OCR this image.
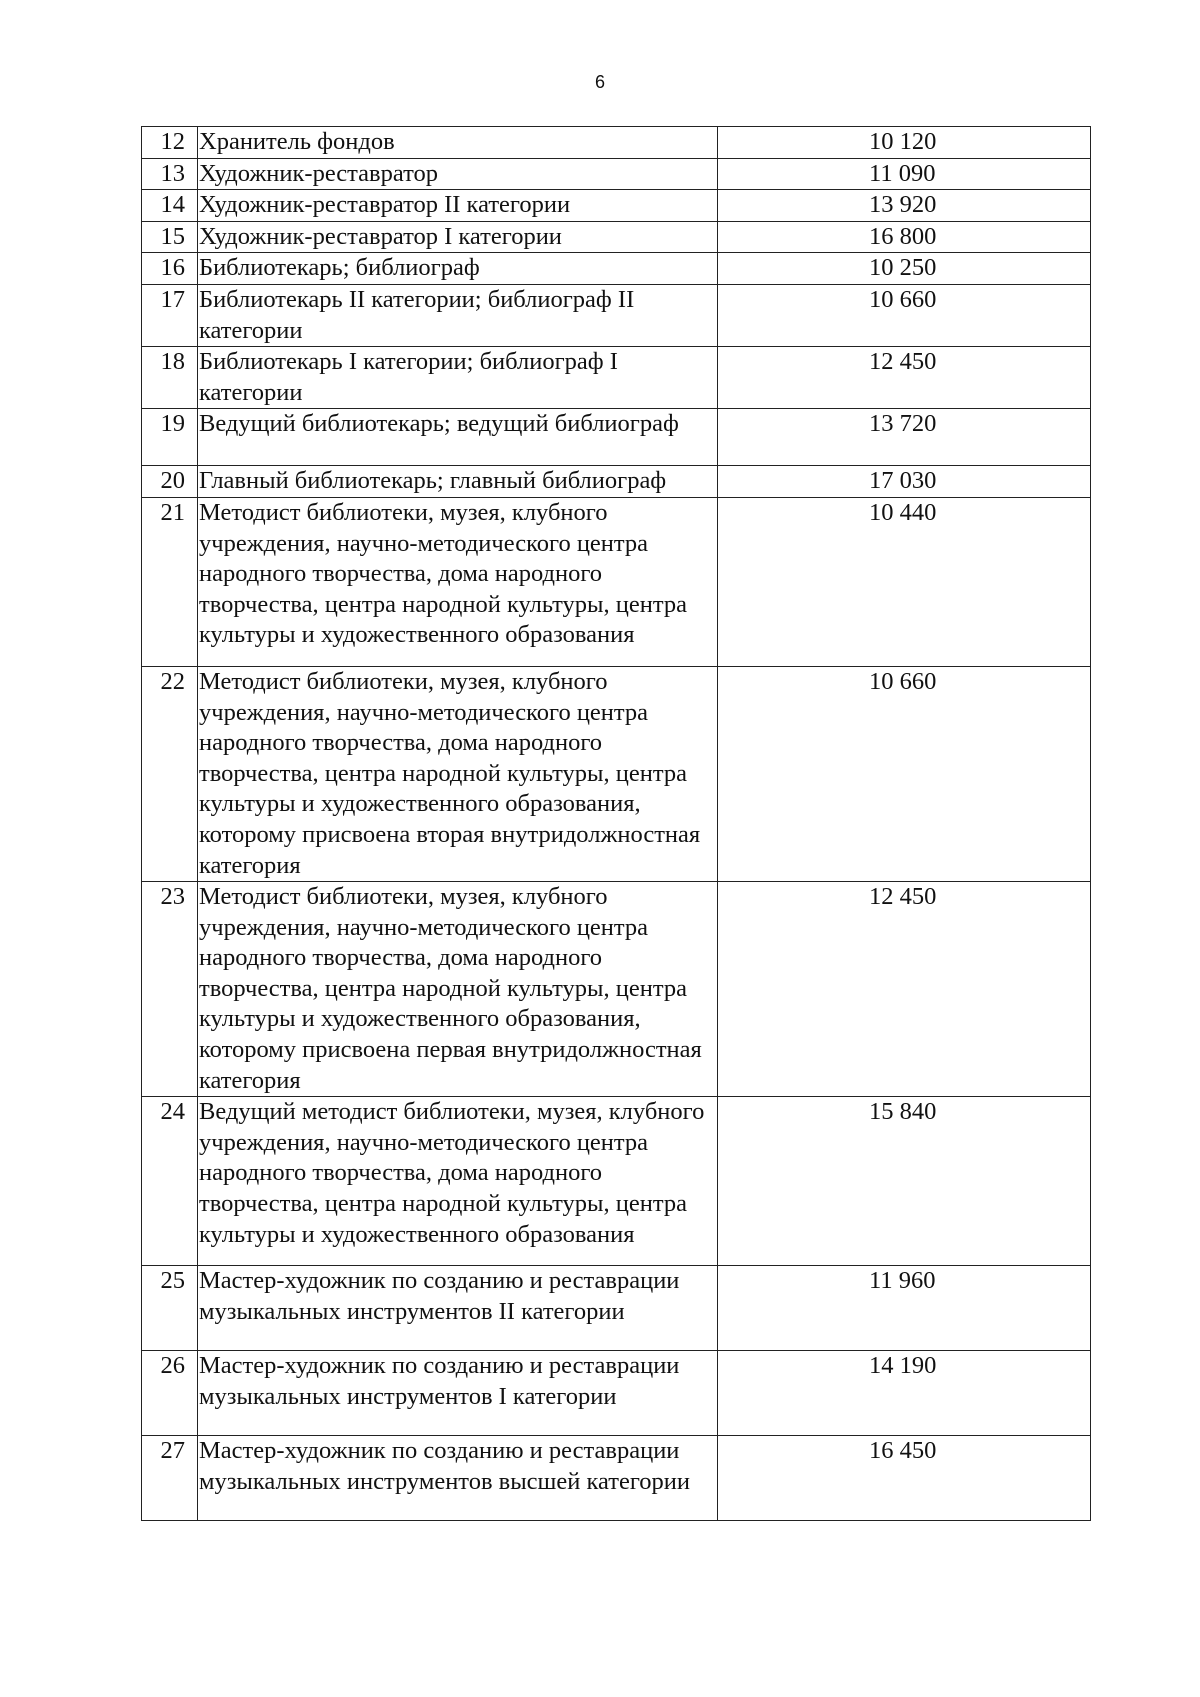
6
12	Хранитель фондов	10 120
13	Художник-реставратор	11 090
14	Художник-реставратор II категории	13 920
15	Художник-реставратор I категории	16 800
16	Библиотекарь; библиограф	10 250
17	Библиотекарь II категории; библиограф II категории	10 660
18	Библиотекарь I категории; библиограф I категории	12 450
19	Ведущий библиотекарь; ведущий библиограф	13 720
20	Главный библиотекарь; главный библиограф	17 030
21	Методист библиотеки, музея, клубного учреждения, научно-методического центра народного творчества, дома народного творчества, центра народной культуры, центра культуры и художественного образования	10 440
22	Методист библиотеки, музея, клубного учреждения, научно-методического центра народного творчества, дома народного творчества, центра народной культуры, центра культуры и художественного образования, которому присвоена вторая внутридолжностная категория	10 660
23	Методист библиотеки, музея, клубного учреждения, научно-методического центра народного творчества, дома народного творчества, центра народной культуры, центра культуры и художественного образования, которому присвоена первая внутридолжностная категория	12 450
24	Ведущий методист библиотеки, музея, клубного учреждения, научно-методического центра народного творчества, дома народного творчества, центра народной культуры, центра культуры и художественного образования	15 840
25	Мастер-художник по созданию и реставрации музыкальных инструментов II категории	11 960
26	Мастер-художник по созданию и реставрации музыкальных инструментов I категории	14 190
27	Мастер-художник по созданию и реставрации музыкальных инструментов высшей категории	16 450
